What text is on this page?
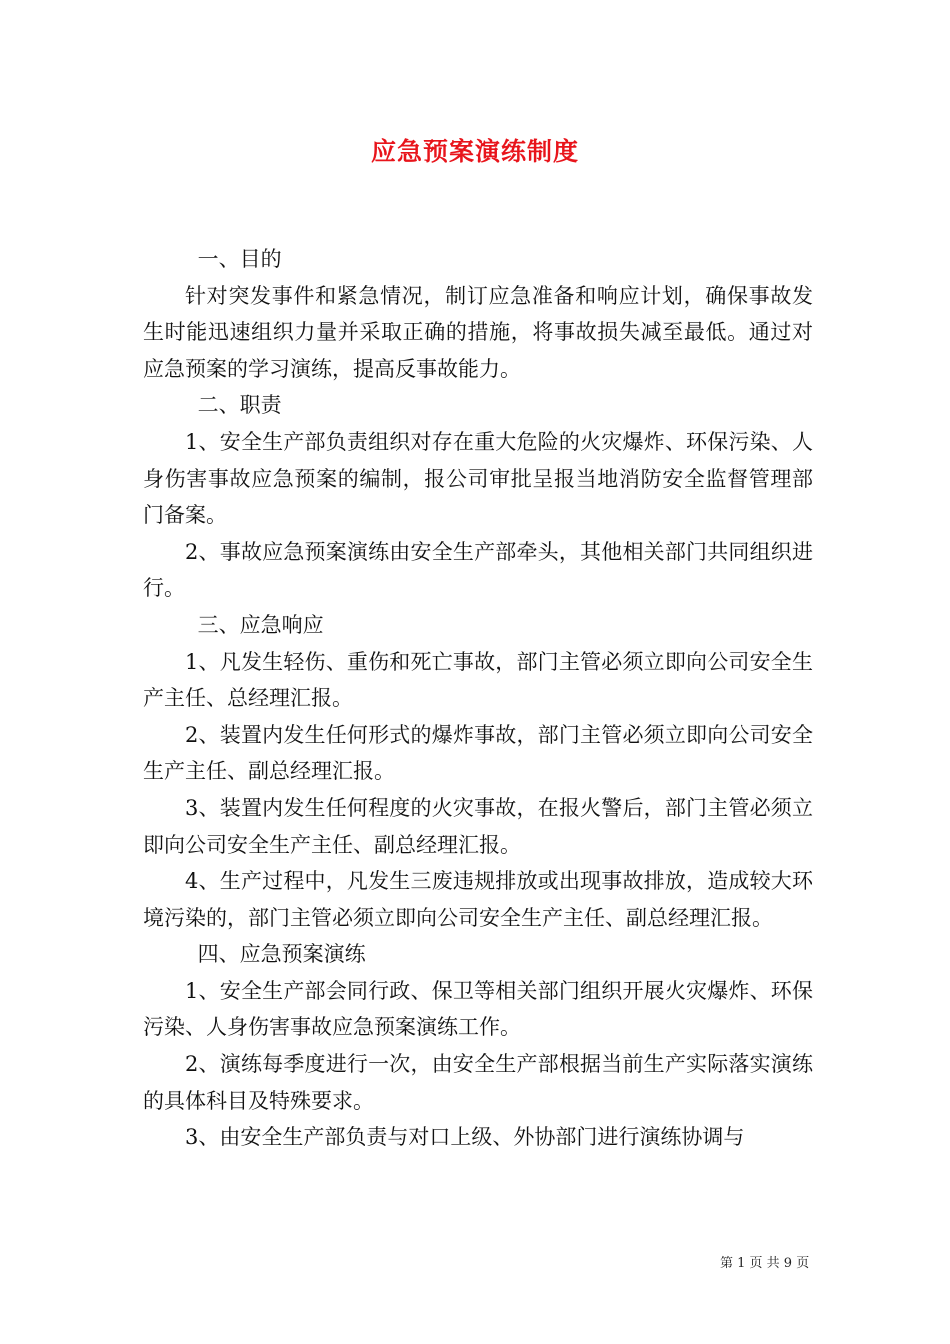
应急预案演练制度

一、目的

针对突发事件和紧急情况，制订应急准备和响应计划，确保事故发生时能迅速组织力量并采取正确的措施，将事故损失减至最低。通过对应急预案的学习演练，提高反事故能力。

二、职责

1、安全生产部负责组织对存在重大危险的火灾爆炸、环保污染、人身伤害事故应急预案的编制，报公司审批呈报当地消防安全监督管理部门备案。

2、事故应急预案演练由安全生产部牵头，其他相关部门共同组织进行。

三、应急响应

1、凡发生轻伤、重伤和死亡事故，部门主管必须立即向公司安全生产主任、总经理汇报。

2、装置内发生任何形式的爆炸事故，部门主管必须立即向公司安全生产主任、副总经理汇报。

3、装置内发生任何程度的火灾事故，在报火警后，部门主管必须立即向公司安全生产主任、副总经理汇报。

4、生产过程中，凡发生三废违规排放或出现事故排放，造成较大环境污染的，部门主管必须立即向公司安全生产主任、副总经理汇报。

四、应急预案演练

1、安全生产部会同行政、保卫等相关部门组织开展火灾爆炸、环保污染、人身伤害事故应急预案演练工作。

2、演练每季度进行一次，由安全生产部根据当前生产实际落实演练的具体科目及特殊要求。

3、由安全生产部负责与对口上级、外协部门进行演练协调与

第 1 页 共 9 页
